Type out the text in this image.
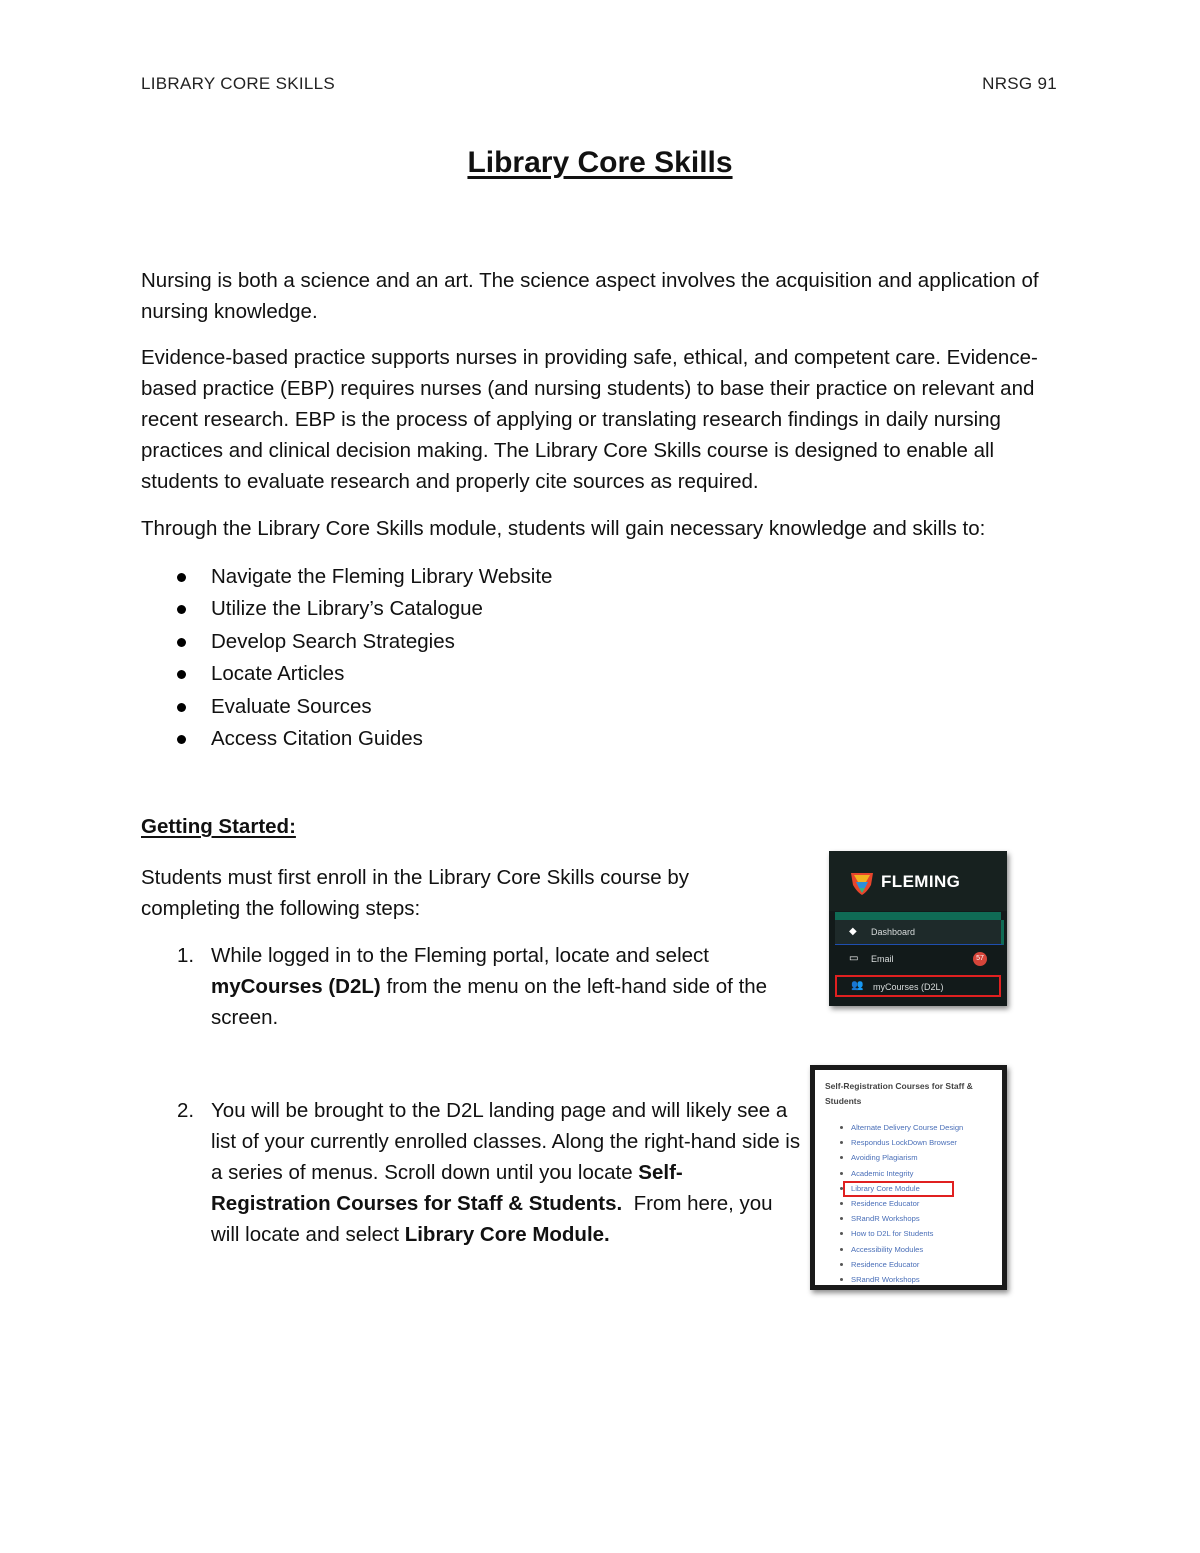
LIBRARY CORE SKILLS	NRSG 91
Library Core Skills
Nursing is both a science and an art. The science aspect involves the acquisition and application of nursing knowledge.
Evidence-based practice supports nurses in providing safe, ethical, and competent care. Evidence-based practice (EBP) requires nurses (and nursing students) to base their practice on relevant and recent research. EBP is the process of applying or translating research findings in daily nursing practices and clinical decision making. The Library Core Skills course is designed to enable all students to evaluate research and properly cite sources as required.
Through the Library Core Skills module, students will gain necessary knowledge and skills to:
Navigate the Fleming Library Website
Utilize the Library’s Catalogue
Develop Search Strategies
Locate Articles
Evaluate Sources
Access Citation Guides
Getting Started:
Students must first enroll in the Library Core Skills course by completing the following steps:
1. While logged in to the Fleming portal, locate and select myCourses (D2L) from the menu on the left-hand side of the screen.
2. You will be brought to the D2L landing page and will likely see a list of your currently enrolled classes. Along the right-hand side is a series of menus. Scroll down until you locate Self-Registration Courses for Staff & Students.  From here, you will locate and select Library Core Module.
FLEMING
◆ Dashboard
▭ Email	57
👥 myCourses (D2L)
Self-Registration Courses for Staff & Students
Alternate Delivery Course Design
Respondus LockDown Browser
Avoiding Plagiarism
Academic Integrity
Library Core Module
Residence Educator
SRandR Workshops
How to D2L for Students
Accessibility Modules
Residence Educator
SRandR Workshops
